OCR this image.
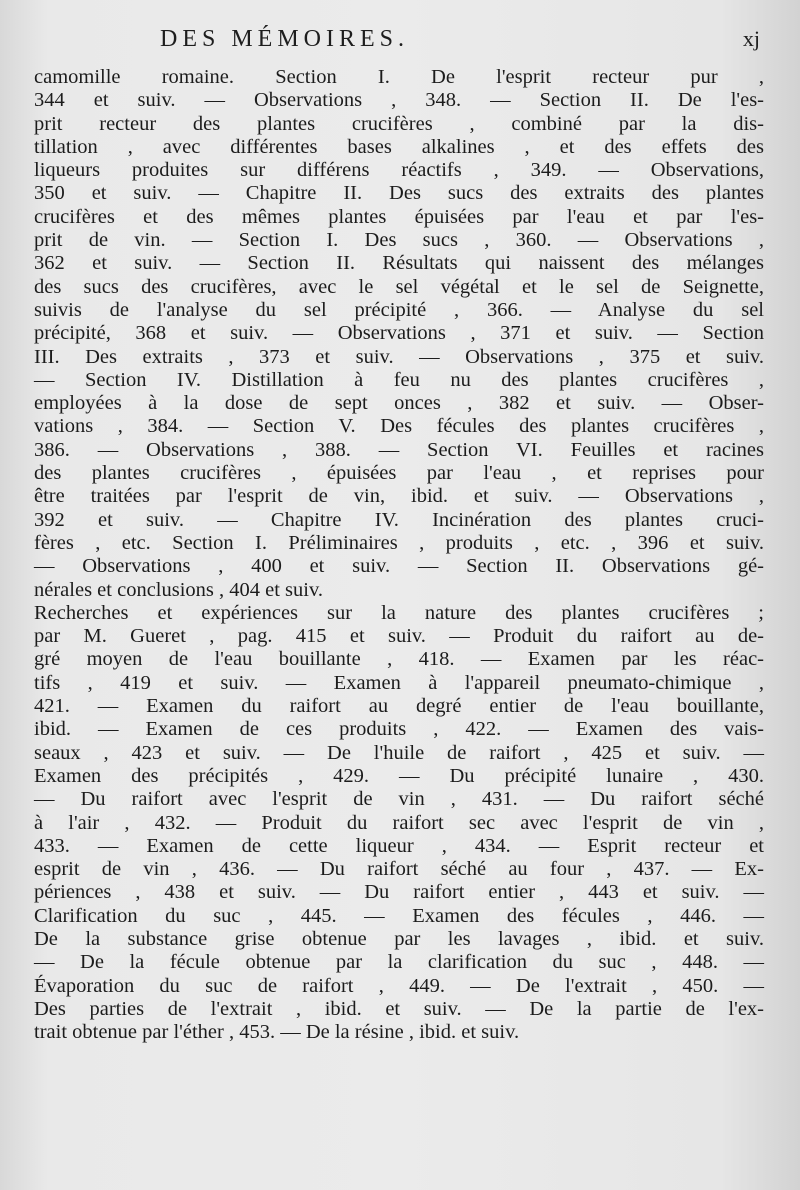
DES MÉMOIRES.	xj

camomille romaine. Section I. De l'esprit recteur pur ,
344 et suiv. — Observations , 348. — Section II. De l'es-
prit recteur des plantes crucifères , combiné par la dis-
tillation , avec différentes bases alkalines , et des effets des
liqueurs produites sur différens réactifs , 349. — Observations,
350 et suiv. — Chapitre II. Des sucs des extraits des plantes
crucifères et des mêmes plantes épuisées par l'eau et par l'es-
prit de vin. — Section I. Des sucs , 360. — Observations ,
362 et suiv. — Section II. Résultats qui naissent des mélanges
des sucs des crucifères, avec le sel végétal et le sel de Seignette,
suivis de l'analyse du sel précipité , 366. — Analyse du sel
précipité, 368 et suiv. — Observations , 371 et suiv. — Section
III. Des extraits , 373 et suiv. — Observations , 375 et suiv.
— Section IV. Distillation à feu nu des plantes crucifères ,
employées à la dose de sept onces , 382 et suiv. — Obser-
vations , 384. — Section V. Des fécules des plantes crucifères ,
386. — Observations , 388. — Section VI. Feuilles et racines
des plantes crucifères , épuisées par l'eau , et reprises pour
être traitées par l'esprit de vin, ibid. et suiv. — Observations ,
392 et suiv. — Chapitre IV. Incinération des plantes cruci-
fères , etc. Section I. Préliminaires , produits , etc. , 396 et suiv.
— Observations , 400 et suiv. — Section II. Observations gé-
nérales et conclusions , 404 et suiv.

Recherches et expériences sur la nature des plantes crucifères ;
par M. Gueret , pag. 415 et suiv. — Produit du raifort au de-
gré moyen de l'eau bouillante , 418. — Examen par les réac-
tifs , 419 et suiv. — Examen à l'appareil pneumato-chimique ,
421. — Examen du raifort au degré entier de l'eau bouillante,
ibid. — Examen de ces produits , 422. — Examen des vais-
seaux , 423 et suiv. — De l'huile de raifort , 425 et suiv. —
Examen des précipités , 429. — Du précipité lunaire , 430.
— Du raifort avec l'esprit de vin , 431. — Du raifort séché
à l'air , 432. — Produit du raifort sec avec l'esprit de vin ,
433. — Examen de cette liqueur , 434. — Esprit recteur et
esprit de vin , 436. — Du raifort séché au four , 437. — Ex-
périences , 438 et suiv. — Du raifort entier , 443 et suiv. —
Clarification du suc , 445. — Examen des fécules , 446. —
De la substance grise obtenue par les lavages , ibid. et suiv.
— De la fécule obtenue par la clarification du suc , 448. —
Évaporation du suc de raifort , 449. — De l'extrait , 450. —
Des parties de l'extrait , ibid. et suiv. — De la partie de l'ex-
trait obtenue par l'éther , 453. — De la résine , ibid. et suiv.
